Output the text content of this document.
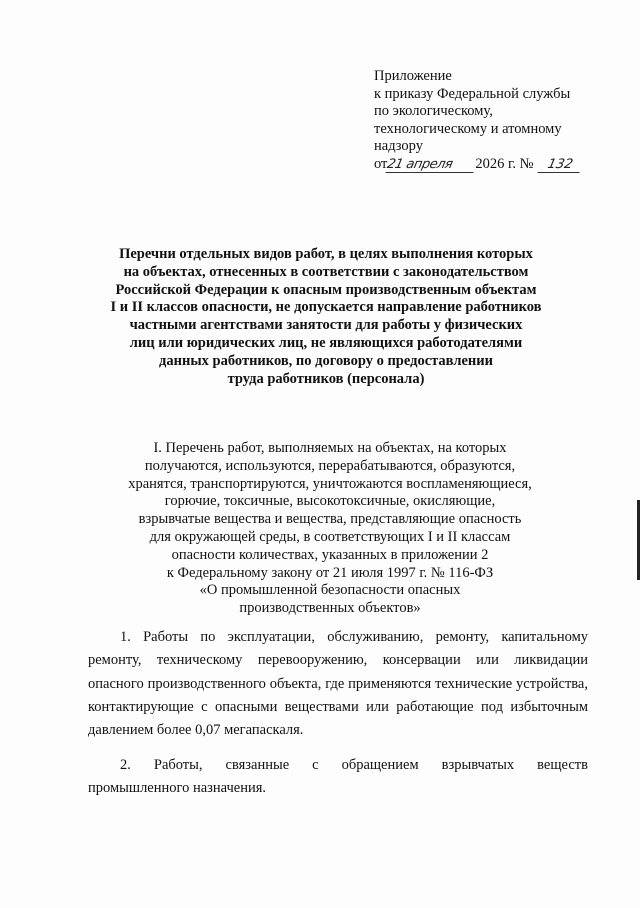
Приложение
к приказу Федеральной службы
по экологическому,
технологическому и атомному
надзору
от
21 апреля	2026 г. №	132
Перечни отдельных видов работ, в целях выполнения которых
на объектах, отнесенных в соответствии с законодательством
Российской Федерации к опасным производственным объектам
I и II классов опасности, не допускается направление работников
частными агентствами занятости для работы у физических
лиц или юридических лиц, не являющихся работодателями
данных работников, по договору о предоставлении
труда работников (персонала)
I. Перечень работ, выполняемых на объектах, на которых
получаются, используются, перерабатываются, образуются,
хранятся, транспортируются, уничтожаются воспламеняющиеся,
горючие, токсичные, высокотоксичные, окисляющие,
взрывчатые вещества и вещества, представляющие опасность
для окружающей среды, в соответствующих I и II классам
опасности количествах, указанных в приложении 2
к Федеральному закону от 21 июля 1997 г. № 116-ФЗ
«О промышленной безопасности опасных
производственных объектов»
1. Работы по эксплуатации, обслуживанию, ремонту, капитальному ремонту, техническому перевооружению, консервации или ликвидации опасного производственного объекта, где применяются технические устройства, контактирующие с опасными веществами или работающие под избыточным давлением более 0,07 мегапаскаля.
2. Работы, связанные с обращением взрывчатых веществ
промышленного назначения.
